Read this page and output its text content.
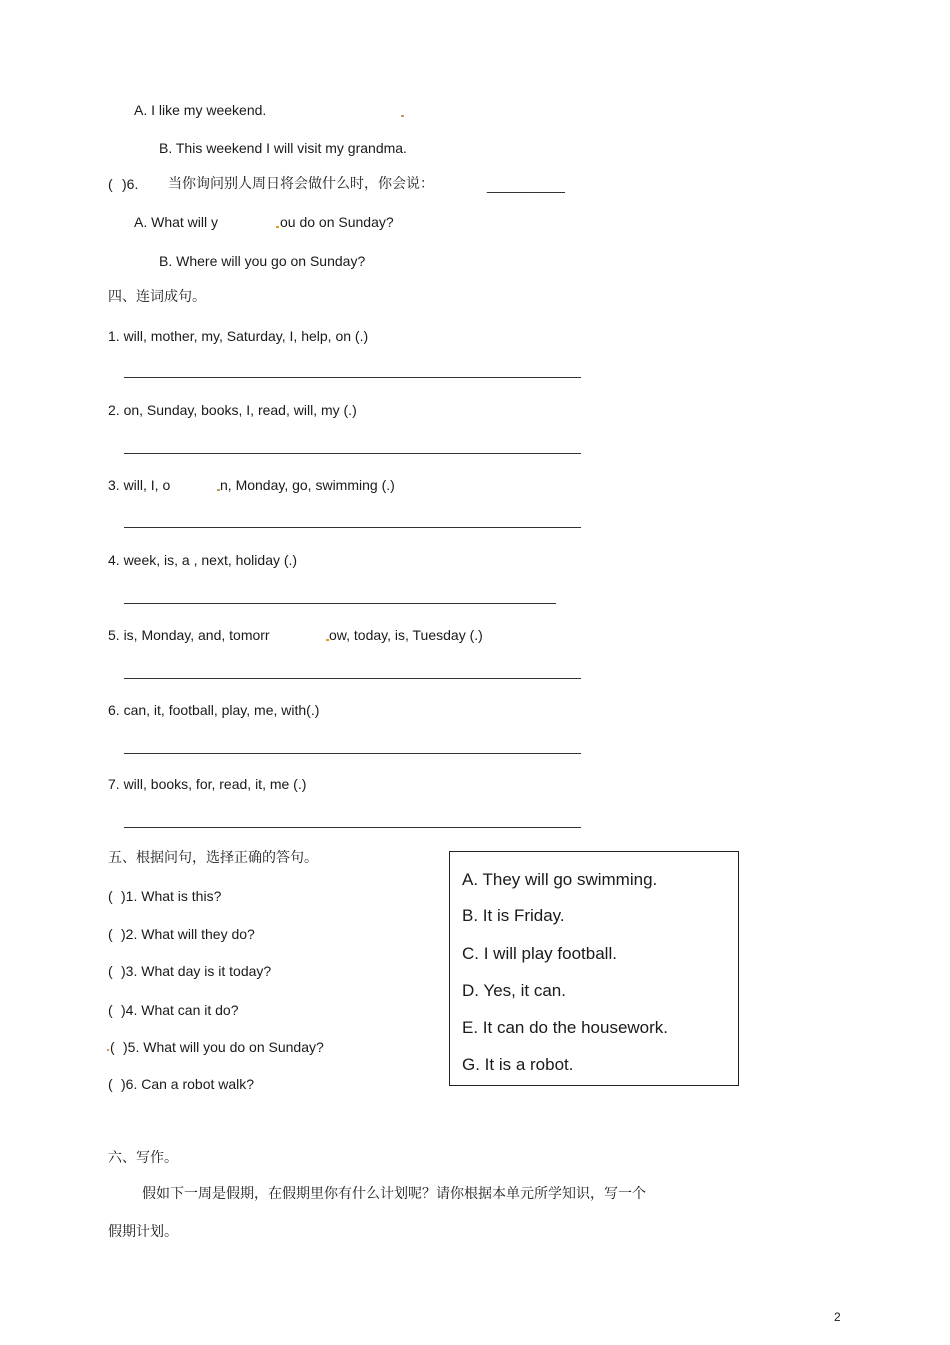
A. I like my weekend.
B. This weekend I will visit my grandma.
( )6. 当你询问别人周日将会做什么时，你会说：	__________
A. What will y	ou do on Sunday?
B. Where will you go on Sunday?
四、连词成句。
1. will, mother, my, Saturday, I, help, on (.)
2. on, Sunday, books, I, read, will, my (.)
3. will, I, o	n, Monday, go, swimming (.)
4. week, is, a , next, holiday (.)
5. is, Monday, and, tomorr	ow, today, is, Tuesday (.)
6. can, it, football, play, me, with(.)
7. will, books, for, read, it, me (.)
五、根据问句，选择正确的答句。
( )1. What is this?
( )2. What will they do?
( )3. What day is it today?
( )4. What can it do?
( )5. What will you do on Sunday?
( )6. Can a robot walk?
A. They will go swimming.
B. It is Friday.
C. I will play football.
D. Yes, it can.
E. It can do the housework.
G. It is a robot.
六、写作。
假如下一周是假期，在假期里你有什么计划呢？请你根据本单元所学知识，写一个
假期计划。
2
